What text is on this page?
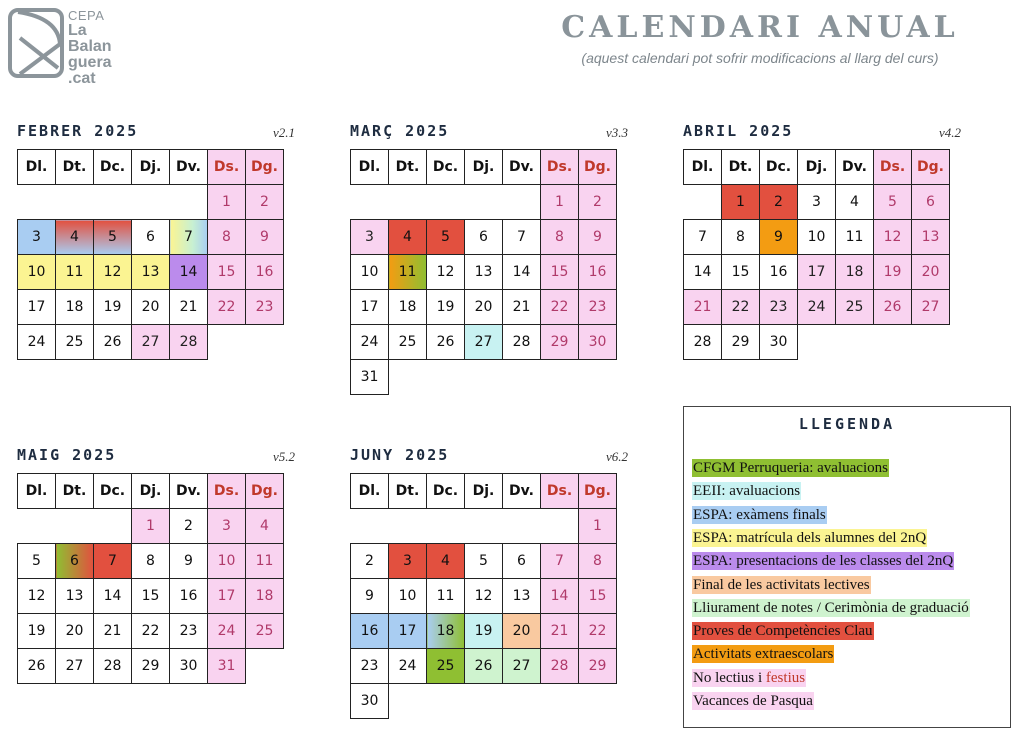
CEPA
La
Balan
guera
.cat
CALENDARI ANUAL
(aquest calendari pot sofrir modificacions al llarg del curs)
FEBRER 2025	v2.1
Dl.	Dt.	Dc.	Dj.	Dv.	Ds.	Dg.
					1	2
3	4	5	6	7	8	9
10	11	12	13	14	15	16
17	18	19	20	21	22	23
24	25	26	27	28		
MARÇ 2025	v3.3
Dl.	Dt.	Dc.	Dj.	Dv.	Ds.	Dg.
					1	2
3	4	5	6	7	8	9
10	11	12	13	14	15	16
17	18	19	20	21	22	23
24	25	26	27	28	29	30
31						
ABRIL 2025	v4.2
Dl.	Dt.	Dc.	Dj.	Dv.	Ds.	Dg.
	1	2	3	4	5	6
7	8	9	10	11	12	13
14	15	16	17	18	19	20
21	22	23	24	25	26	27
28	29	30				
MAIG 2025	v5.2
Dl.	Dt.	Dc.	Dj.	Dv.	Ds.	Dg.
			1	2	3	4
5	6	7	8	9	10	11
12	13	14	15	16	17	18
19	20	21	22	23	24	25
26	27	28	29	30	31	
JUNY 2025	v6.2
Dl.	Dt.	Dc.	Dj.	Dv.	Ds.	Dg.
						1
2	3	4	5	6	7	8
9	10	11	12	13	14	15
16	17	18	19	20	21	22
23	24	25	26	27	28	29
30						
LLEGENDA
CFGM Perruqueria: avaluacions
EEII: avaluacions
ESPA: exàmens finals
ESPA: matrícula dels alumnes del 2nQ
ESPA: presentacions de les classes del 2nQ
Final de les activitats lectives
Lliurament de notes / Cerimònia de graduació
Proves de Competències Clau
Activitats extraescolars
No lectius i festius
Vacances de Pasqua
